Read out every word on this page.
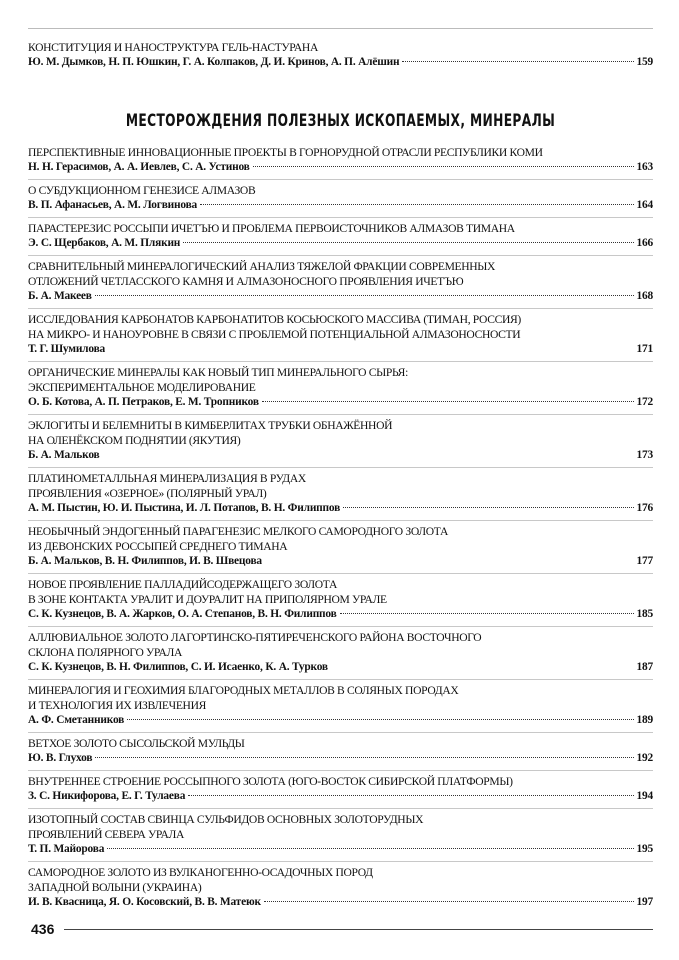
КОНСТИТУЦИЯ И НАНОСТРУКТУРА ГЕЛЬ-НАСТУРАНА
Ю. М. Дымков, Н. П. Юшкин, Г. А. Колпаков, Д. И. Кринов, А. П. Алёшин	159
МЕСТОРОЖДЕНИЯ ПОЛЕЗНЫХ ИСКОПАЕМЫХ, МИНЕРАЛЫ
ПЕРСПЕКТИВНЫЕ ИННОВАЦИОННЫЕ ПРОЕКТЫ В ГОРНОРУДНОЙ ОТРАСЛИ РЕСПУБЛИКИ КОМИ
Н. Н. Герасимов, А. А. Иевлев, С. А. Устинов	163
О СУБДУКЦИОННОМ ГЕНЕЗИСЕ АЛМАЗОВ
В. П. Афанасьев, А. М. Логвинова	164
ПАРАСТЕРЕЗИС РОССЫПИ ИЧЕТЪЮ И ПРОБЛЕМА ПЕРВОИСТОЧНИКОВ АЛМАЗОВ ТИМАНА
Э. С. Щербаков, А. М. Плякин	166
СРАВНИТЕЛЬНЫЙ МИНЕРАЛОГИЧЕСКИЙ АНАЛИЗ ТЯЖЕЛОЙ ФРАКЦИИ СОВРЕМЕННЫХ
ОТЛОЖЕНИЙ ЧЕТЛАССКОГО КАМНЯ И АЛМАЗОНОСНОГО ПРОЯВЛЕНИЯ ИЧЕТЪЮ
Б. А. Макеев	168
ИССЛЕДОВАНИЯ КАРБОНАТОВ КАРБОНАТИТОВ КОСЬЮСКОГО МАССИВА (ТИМАН, РОССИЯ)
НА МИКРО- И НАНОУРОВНЕ В СВЯЗИ С ПРОБЛЕМОЙ ПОТЕНЦИАЛЬНОЙ АЛМАЗОНОСНОСТИ
Т. Г. Шумилова	171
ОРГАНИЧЕСКИЕ МИНЕРАЛЫ КАК НОВЫЙ ТИП МИНЕРАЛЬНОГО СЫРЬЯ:
ЭКСПЕРИМЕНТАЛЬНОЕ МОДЕЛИРОВАНИЕ
О. Б. Котова, А. П. Петраков, Е. М. Тропников	172
ЭКЛОГИТЫ И БЕЛЕМНИТЫ В КИМБЕРЛИТАХ ТРУБКИ ОБНАЖЁННОЙ
НА ОЛЕНЁКСКОМ ПОДНЯТИИ (ЯКУТИЯ)
Б. А. Мальков	173
ПЛАТИНОМЕТАЛЛЬНАЯ МИНЕРАЛИЗАЦИЯ В РУДАХ
ПРОЯВЛЕНИЯ «ОЗЕРНОЕ» (ПОЛЯРНЫЙ УРАЛ)
А. М. Пыстин, Ю. И. Пыстина, И. Л. Потапов, В. Н. Филиппов	176
НЕОБЫЧНЫЙ ЭНДОГЕННЫЙ ПАРАГЕНЕЗИС МЕЛКОГО САМОРОДНОГО ЗОЛОТА
ИЗ ДЕВОНСКИХ РОССЫПЕЙ СРЕДНЕГО ТИМАНА
Б. А. Мальков, В. Н. Филиппов, И. В. Швецова	177
НОВОЕ ПРОЯВЛЕНИЕ ПАЛЛАДИЙСОДЕРЖАЩЕГО ЗОЛОТА
В ЗОНЕ КОНТАКТА УРАЛИТ И ДОУРАЛИТ НА ПРИПОЛЯРНОМ УРАЛЕ
С. К. Кузнецов, В. А. Жарков, О. А. Степанов, В. Н. Филиппов	185
АЛЛЮВИАЛЬНОЕ ЗОЛОТО ЛАГОРТИНСКО-ПЯТИРЕЧЕНСКОГО РАЙОНА ВОСТОЧНОГО
СКЛОНА ПОЛЯРНОГО УРАЛА
С. К. Кузнецов, В. Н. Филиппов, С. И. Исаенко, К. А. Турков	187
МИНЕРАЛОГИЯ И ГЕОХИМИЯ БЛАГОРОДНЫХ МЕТАЛЛОВ В СОЛЯНЫХ ПОРОДАХ
И ТЕХНОЛОГИЯ ИХ ИЗВЛЕЧЕНИЯ
А. Ф. Сметанников	189
ВЕТХОЕ ЗОЛОТО СЫСОЛЬСКОЙ МУЛЬДЫ
Ю. В. Глухов	192
ВНУТРЕННЕЕ СТРОЕНИЕ РОССЫПНОГО ЗОЛОТА (ЮГО-ВОСТОК СИБИРСКОЙ ПЛАТФОРМЫ)
З. С. Никифорова, Е. Г. Тулаева	194
ИЗОТОПНЫЙ СОСТАВ СВИНЦА СУЛЬФИДОВ ОСНОВНЫХ ЗОЛОТОРУДНЫХ
ПРОЯВЛЕНИЙ СЕВЕРА УРАЛА
Т. П. Майорова	195
САМОРОДНОЕ ЗОЛОТО ИЗ ВУЛКАНОГЕННО-ОСАДОЧНЫХ ПОРОД
ЗАПАДНОЙ ВОЛЫНИ (УКРАИНА)
И. В. Квасница, Я. О. Косовский, В. В. Матеюк	197
436
